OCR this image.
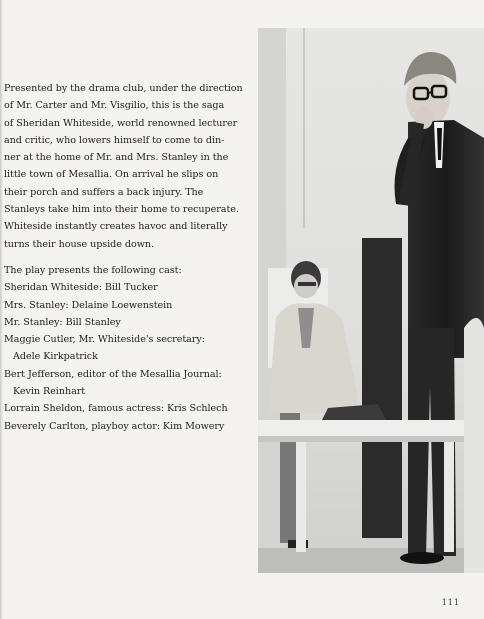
Presented by the drama club, under the direction
of Mr. Carter and Mr. Visgilio, this is the saga
of Sheridan Whiteside, world renowned lecturer
and critic, who lowers himself to come to din-
ner at the home of Mr. and Mrs. Stanley in the
little town of Mesallia. On arrival he slips on
their porch and suffers a back injury. The
Stanleys take him into their home to recuperate.
Whiteside instantly creates havoc and literally
turns their house upside down.

The play presents the following cast:
Sheridan Whiteside: Bill Tucker
Mrs. Stanley: Delaine Loewenstein
Mr. Stanley: Bill Stanley
Maggie Cutler, Mr. Whiteside's secretary:
Adele Kirkpatrick
Bert Jefferson, editor of the Mesallia Journal:
Kevin Reinhart
Lorrain Sheldon, famous actress: Kris Schlech
Beverely Carlton, playboy actor: Kim Mowery

111
